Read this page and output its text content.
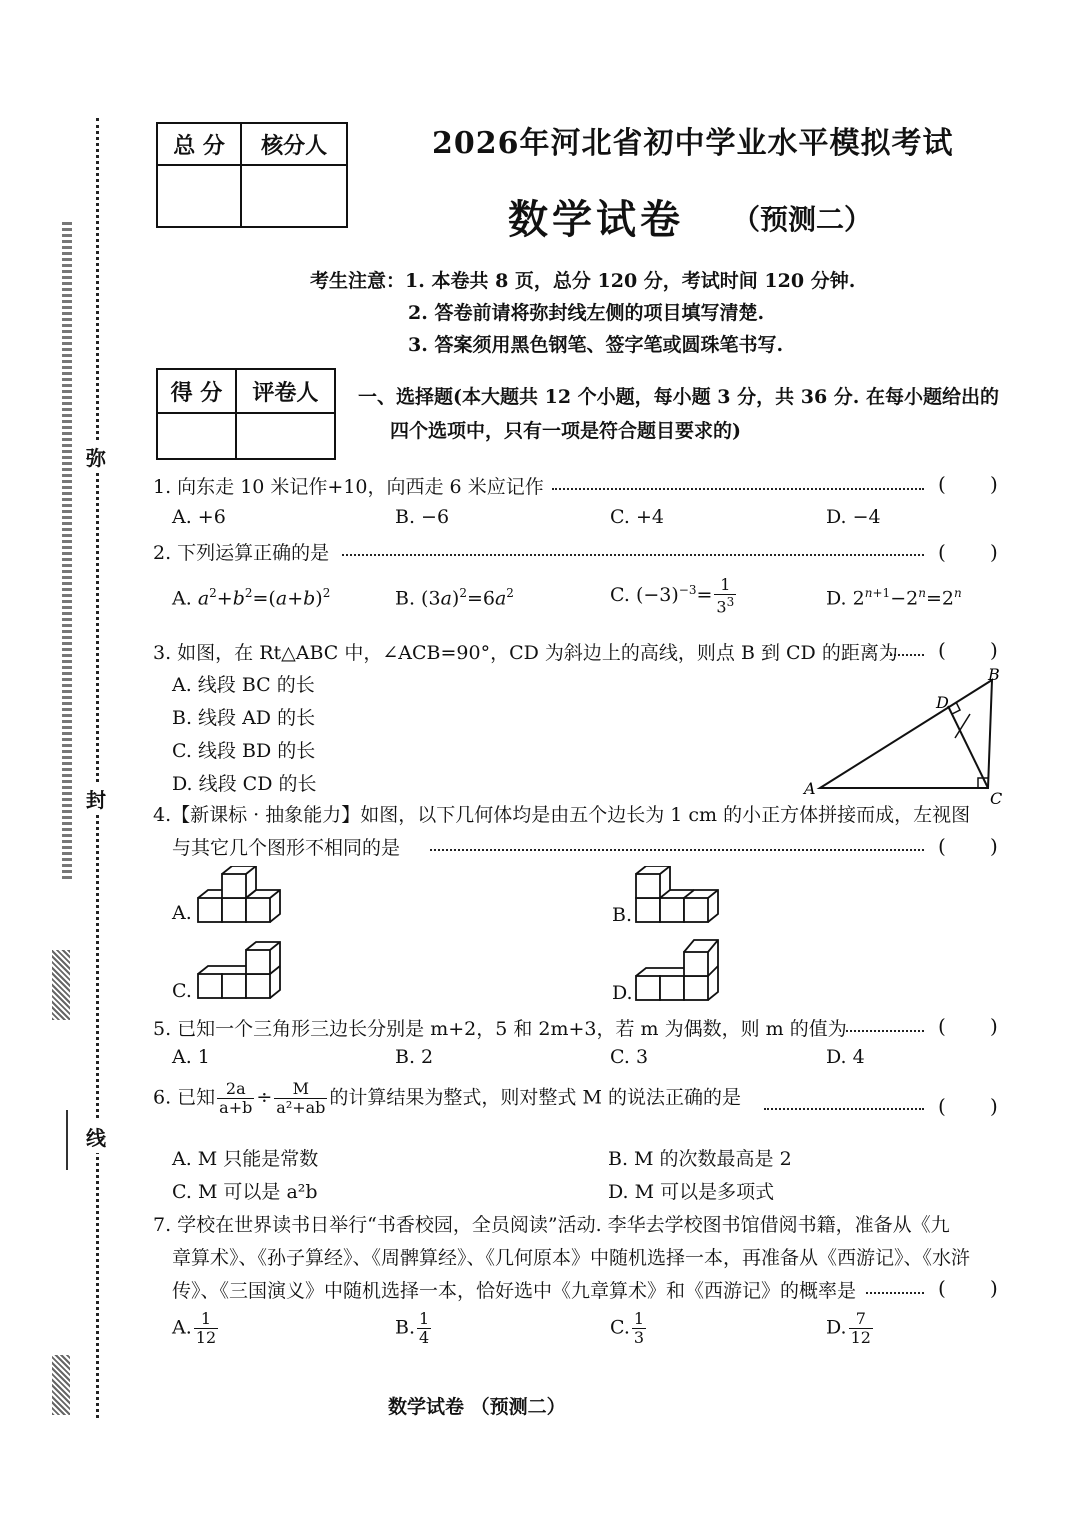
弥
封
线
总 分	核分人
		2026年河北省初中学业水平模拟考试
数学试卷 （预测二）
考生注意：1. 本卷共 8 页，总分 120 分，考试时间 120 分钟.
2. 答卷前请将弥封线左侧的项目填写清楚.
3. 答案须用黑色钢笔、签字笔或圆珠笔书写.
得 分	评卷人
	一、选择题(本大题共 12 个小题，每小题 3 分，共 36 分. 在每小题给出的
四个选项中，只有一项是符合题目要求的)
1. 向东走 10 米记作+10，向西走 6 米应记作	( )
A. +6	B. −6	C. +4	D. −4
2. 下列运算正确的是	( )
A. $a^2+b^2=(a+b)^2$	B. $(3a)^2=6a^2$	C. $(-3)^{-3}= \frac{1}{3^3}$	D. $2^{n+1}-2^n=2^n$
3. 如图，在 Rt△ABC 中，∠ACB=90°，CD 为斜边上的高线，则点 B 到 CD 的距离为 ( )
A. 线段 BC 的长
B. 线段 AD 的长
C. 线段 BD 的长
D. 线段 CD 的长	A
B
C
D
4.【新课标 · 抽象能力】如图，以下几何体均是由五个边长为 1 cm 的小正方体拼接而成，左视图
与其它几个图形不相同的是	( )
A.	B.
C.	D.
5. 已知一个三角形三边长分别是 m+2，5 和 2m+3，若 m 为偶数，则 m 的值为	( )
A. 1	B. 2	C. 3	D. 4
6. 已知 $\frac{2a}{a+b} \div \frac{M}{\text{a²+ab}}$ 的计算结果为整式，则对整式 M 的说法正确的是	( )
A. M 只能是常数	B. M 的次数最高是 2
C. M 可以是 a²b	D. M 可以是多项式
7. 学校在世界读书日举行“书香校园，全员阅读”活动. 李华去学校图书馆借阅书籍，准备从《九
章算术》、《孙子算经》、《周髀算经》、《几何原本》中随机选择一本，再准备从《西游记》、《水浒
传》、《三国演义》中随机选择一本，恰好选中《九章算术》和《西游记》的概率是	( )
A. $\frac{1}{12}$	B. $\frac{1}{4}$	C. $\frac{1}{3}$	D. $\frac{7}{12}$
数学试卷 （预测二）
